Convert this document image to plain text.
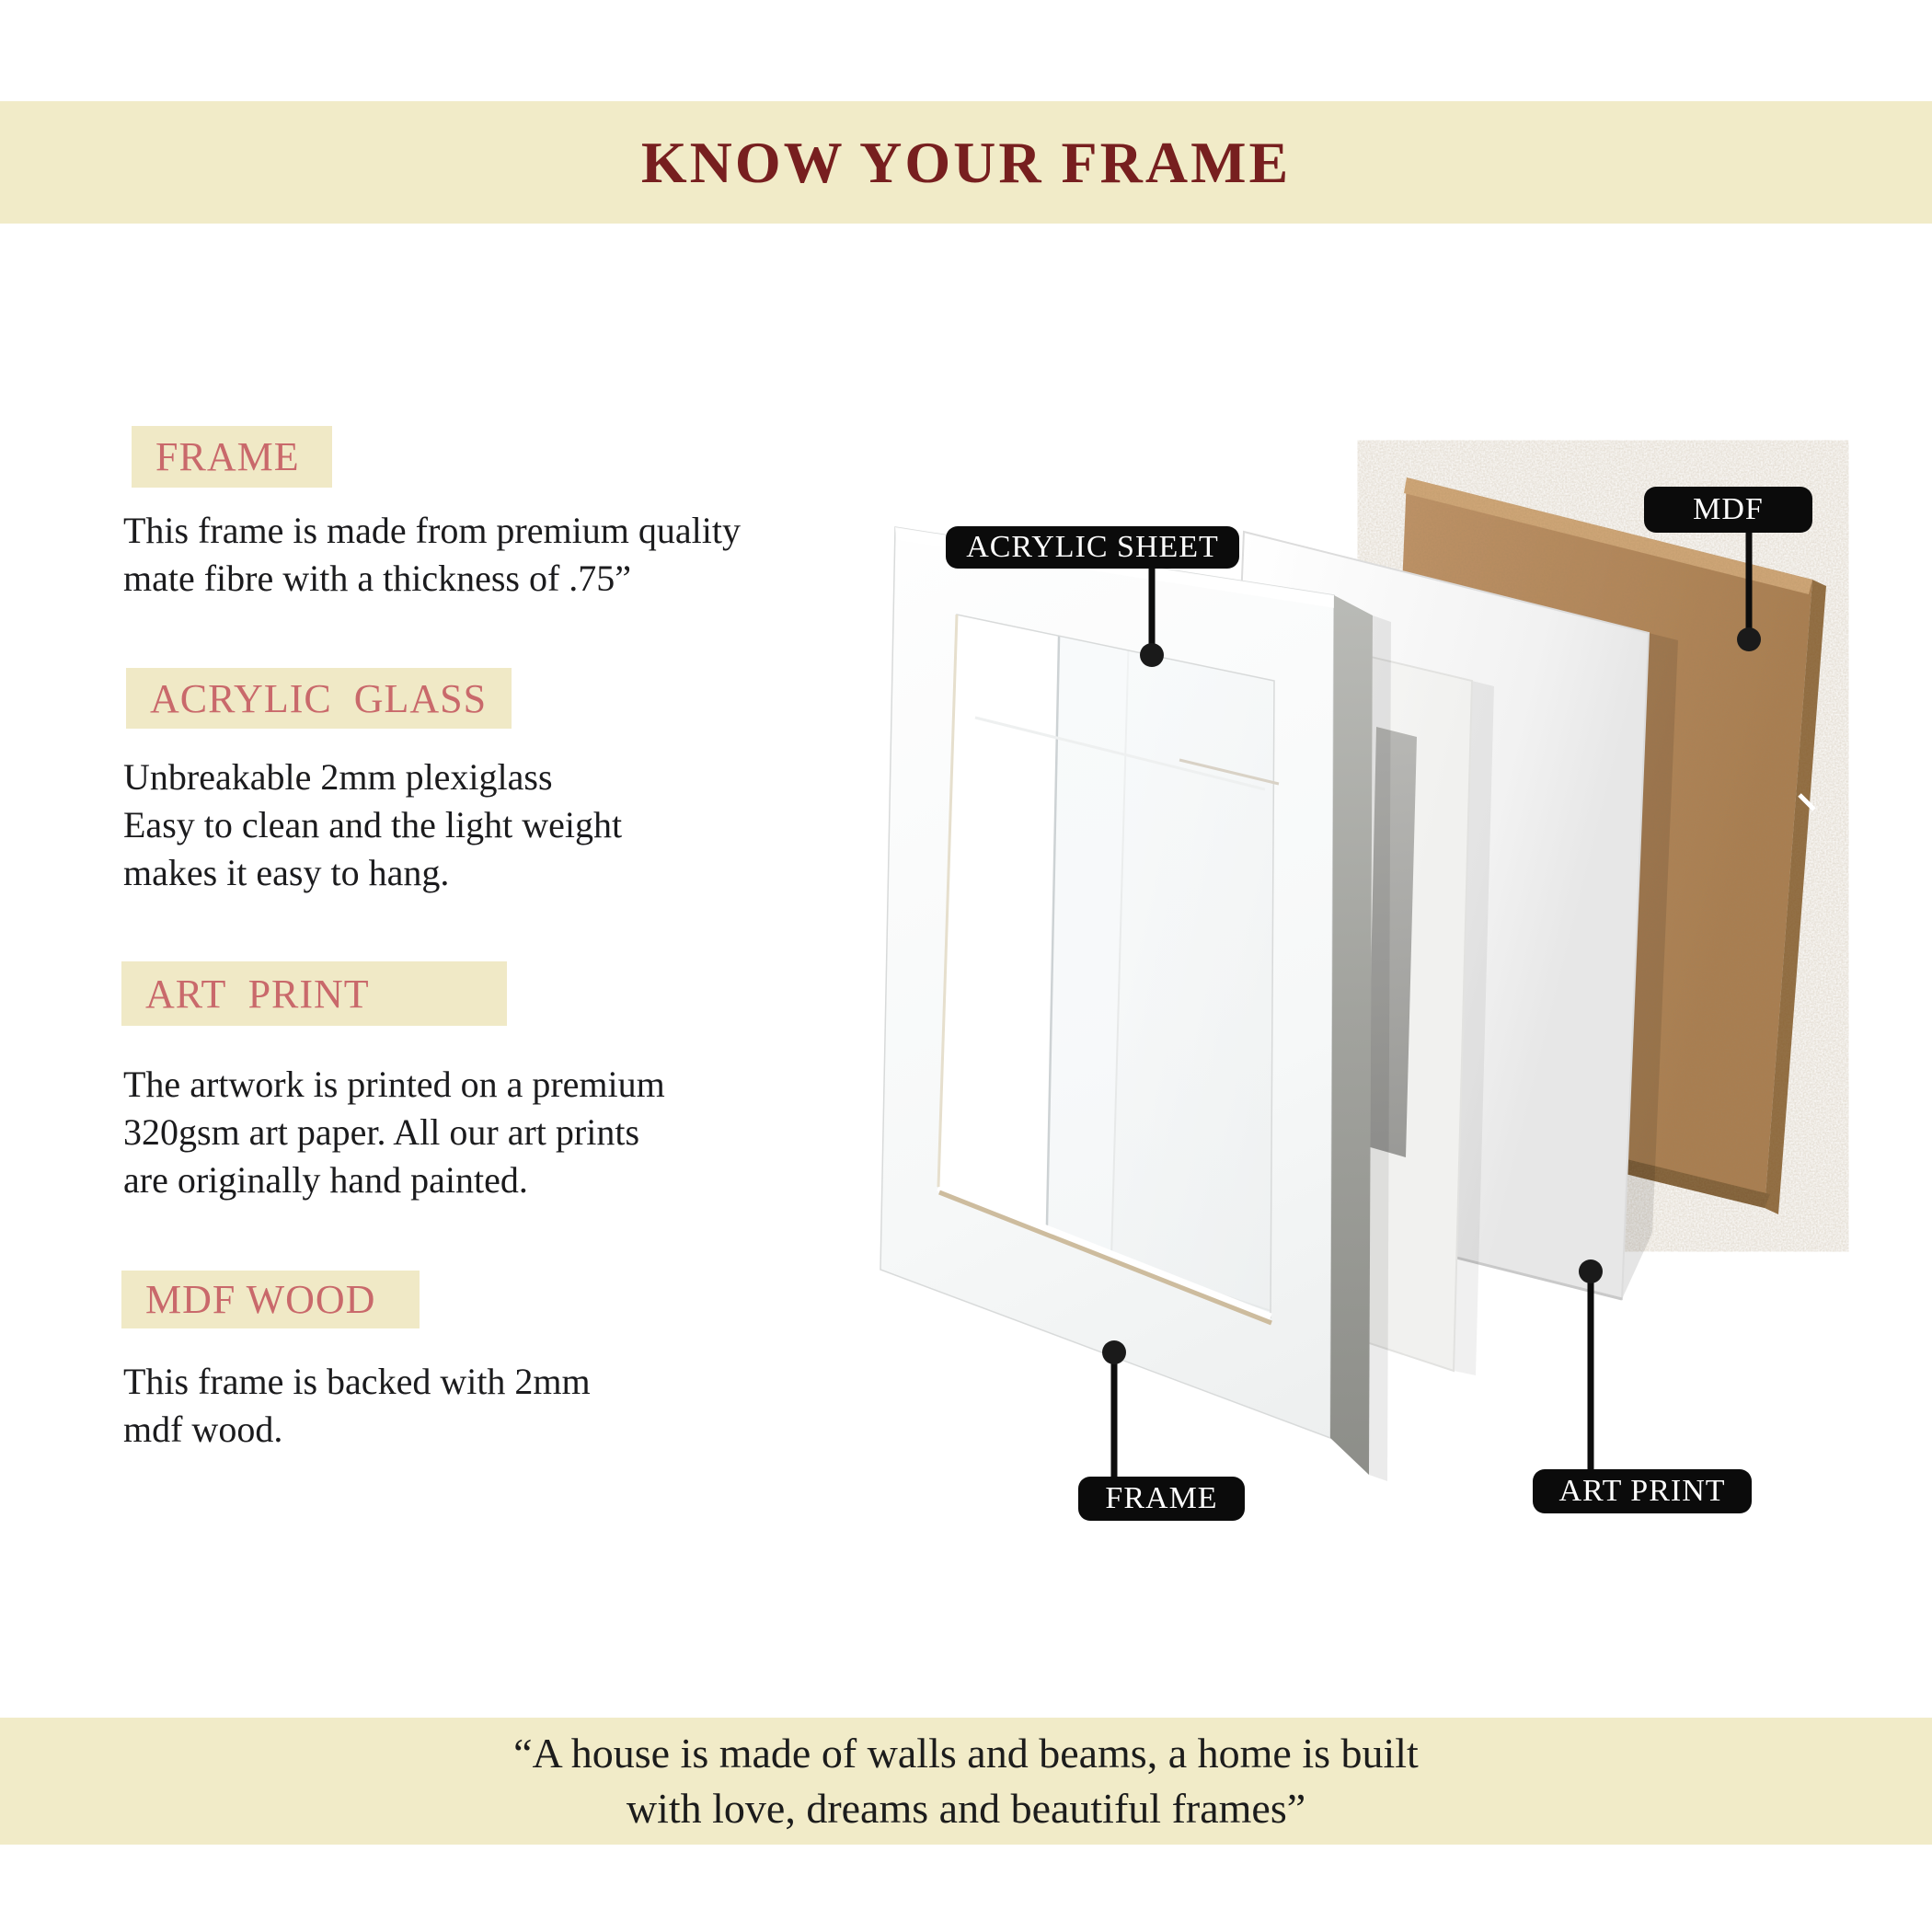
KNOW YOUR FRAME
FRAME
This frame is made from premium quality
mate fibre with a thickness of .75”
ACRYLIC  GLASS
Unbreakable 2mm plexiglass
Easy to clean and the light weight
makes it easy to hang.
ART  PRINT
The artwork is printed on a premium
320gsm art paper. All our art prints
are originally hand painted.
MDF WOOD
This frame is backed with 2mm
mdf wood.
ACRYLIC SHEET
MDF
FRAME	ART PRINT
“A house is made of walls and beams, a home is built
with love, dreams and beautiful frames”
